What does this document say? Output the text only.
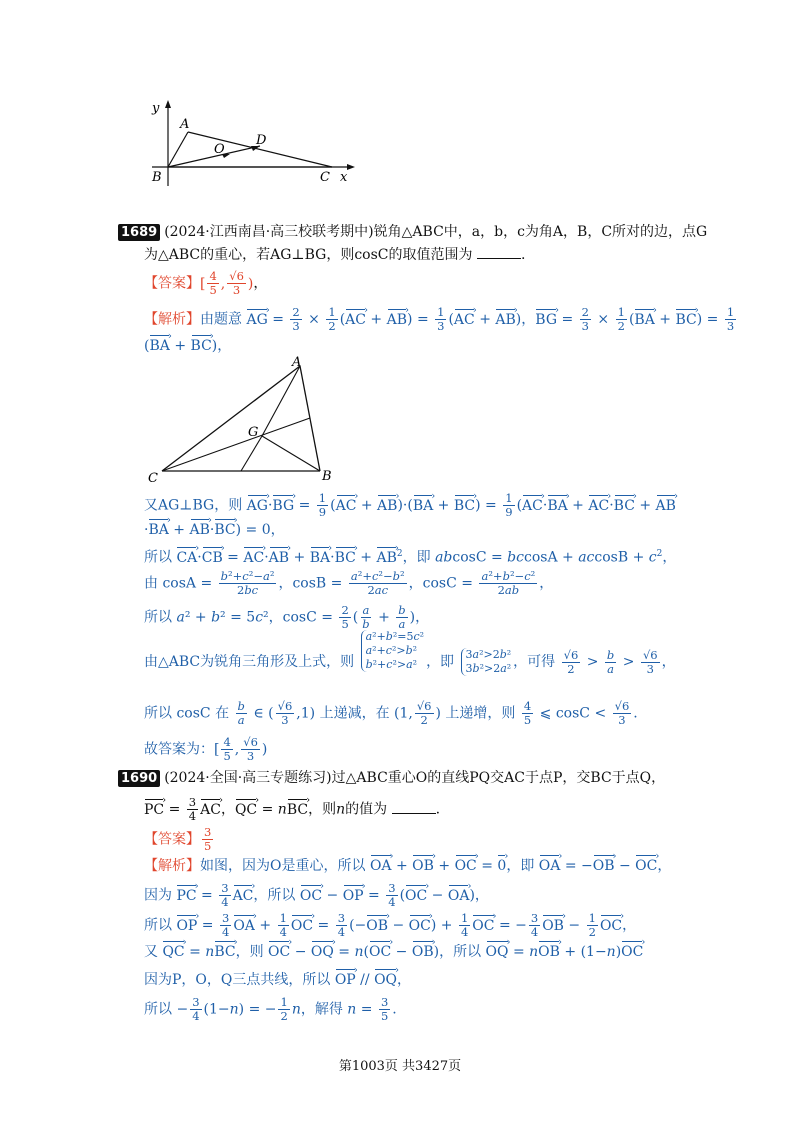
y
A
D
O
B	C x
1689 (2024·江西南昌·高三校联考期中)锐角△ABC中，a，b，c为角A，B，C所对的边，点G
为△ABC的重心，若AG⊥BG，则cosC的取值范围为	.
【答案】[ $\frac{4}{5}$ , $\frac{√6}{3}$ )，
【解析】由题意 AG › = $\frac{2}{3} \times \frac{1}{2} (AC$ › + AB ›) = $\frac{1}{3} (AC$ › + AB ›)，BG › = $\frac{2}{3} \times \frac{1}{2} (BA$ › + BC ›) = $\frac{1}{3}$
(BA › + BC ›)，
A
G
C	B
又AG⊥BG，则 AG ›·BG › = $\frac{1}{9} (AC$ › + AB ›)·(BA › + BC ›) = $\frac{1}{9} (AC$ ›·BA › + AC ›·BC › + AB ›
·BA › + AB ›·BC ›) = 0，
所以 CA ›·CB › = AC ›·AB › + BA ›·BC › + AB ›$^2$，即 $abcosC = bccosA + accosB + c^2$，
由 $\cos A = \frac{\text{b²+c²−a²}}{2bc}$ ，$\cos B = \frac{\text{a²+c²−b²}}{2ac}$ ，$\cos C = \frac{\text{a²+b²−c²}}{2ab}$ ，
所以 a² + b² = 5c²，$\cos C = \frac{2}{5}$ ( $\frac{a}{b} + \frac{b}{a}$ )，
由△ABC为锐角三角形及上式，则
a²+b²=5c²
a²+c²>b²
b²+c²>a² ，即 3a²>2b²
3b²>2a² ，可得 $\frac{√6}{2} > \frac{b}{a} > \frac{√6}{3}$ ，
所以 cosC 在 $\frac{b}{a}$ ∈ ( $\frac{√6}{3} ,1$) 上递减，在 (1, $\frac{√6}{2}$ ) 上递增，则 $\frac{4}{5}$ ⩽ $\cos C < \frac{√6}{3}$ .
故答案为：[ $\frac{4}{5}$ , $\frac{√6}{3}$ )
1690 (2024·全国·高三专题练习)过△ABC重心O的直线PQ交AC于点P，交BC于点Q，
PC › = $\frac{3}{4}$ AC ›，QC › = nBC ›，则n的值为	.
【答案】 $\frac{3}{5}$
【解析】如图，因为O是重心，所以 OA › + OB › + OC › = 0 ›，即 OA › = −OB › − OC ›，
因为 PC › = $\frac{3}{4}$ AC ›，所以 OC › − OP › = $\frac{3}{4} (OC$ › − OA ›)，
所以 OP › = $\frac{3}{4}$ OA › + $\frac{1}{4}$ OC › = $\frac{3}{4} (-OB$ › − OC ›) + $\frac{1}{4}$ OC › = − $\frac{3}{4}$ OB › − $\frac{1}{2}$ OC ›，
又 QC › = nBC ›，则 OC › − OQ › = n(OC › − OB ›)，所以 OQ › = nOB › + (1−n)OC ›
因为P，O，Q三点共线，所以 OP › // OQ ›，
所以 − $\frac{3}{4} (1-n)$ = − $\frac{1}{2}$ n，解得 $n = \frac{3}{5}$ .
第1003页 共3427页
